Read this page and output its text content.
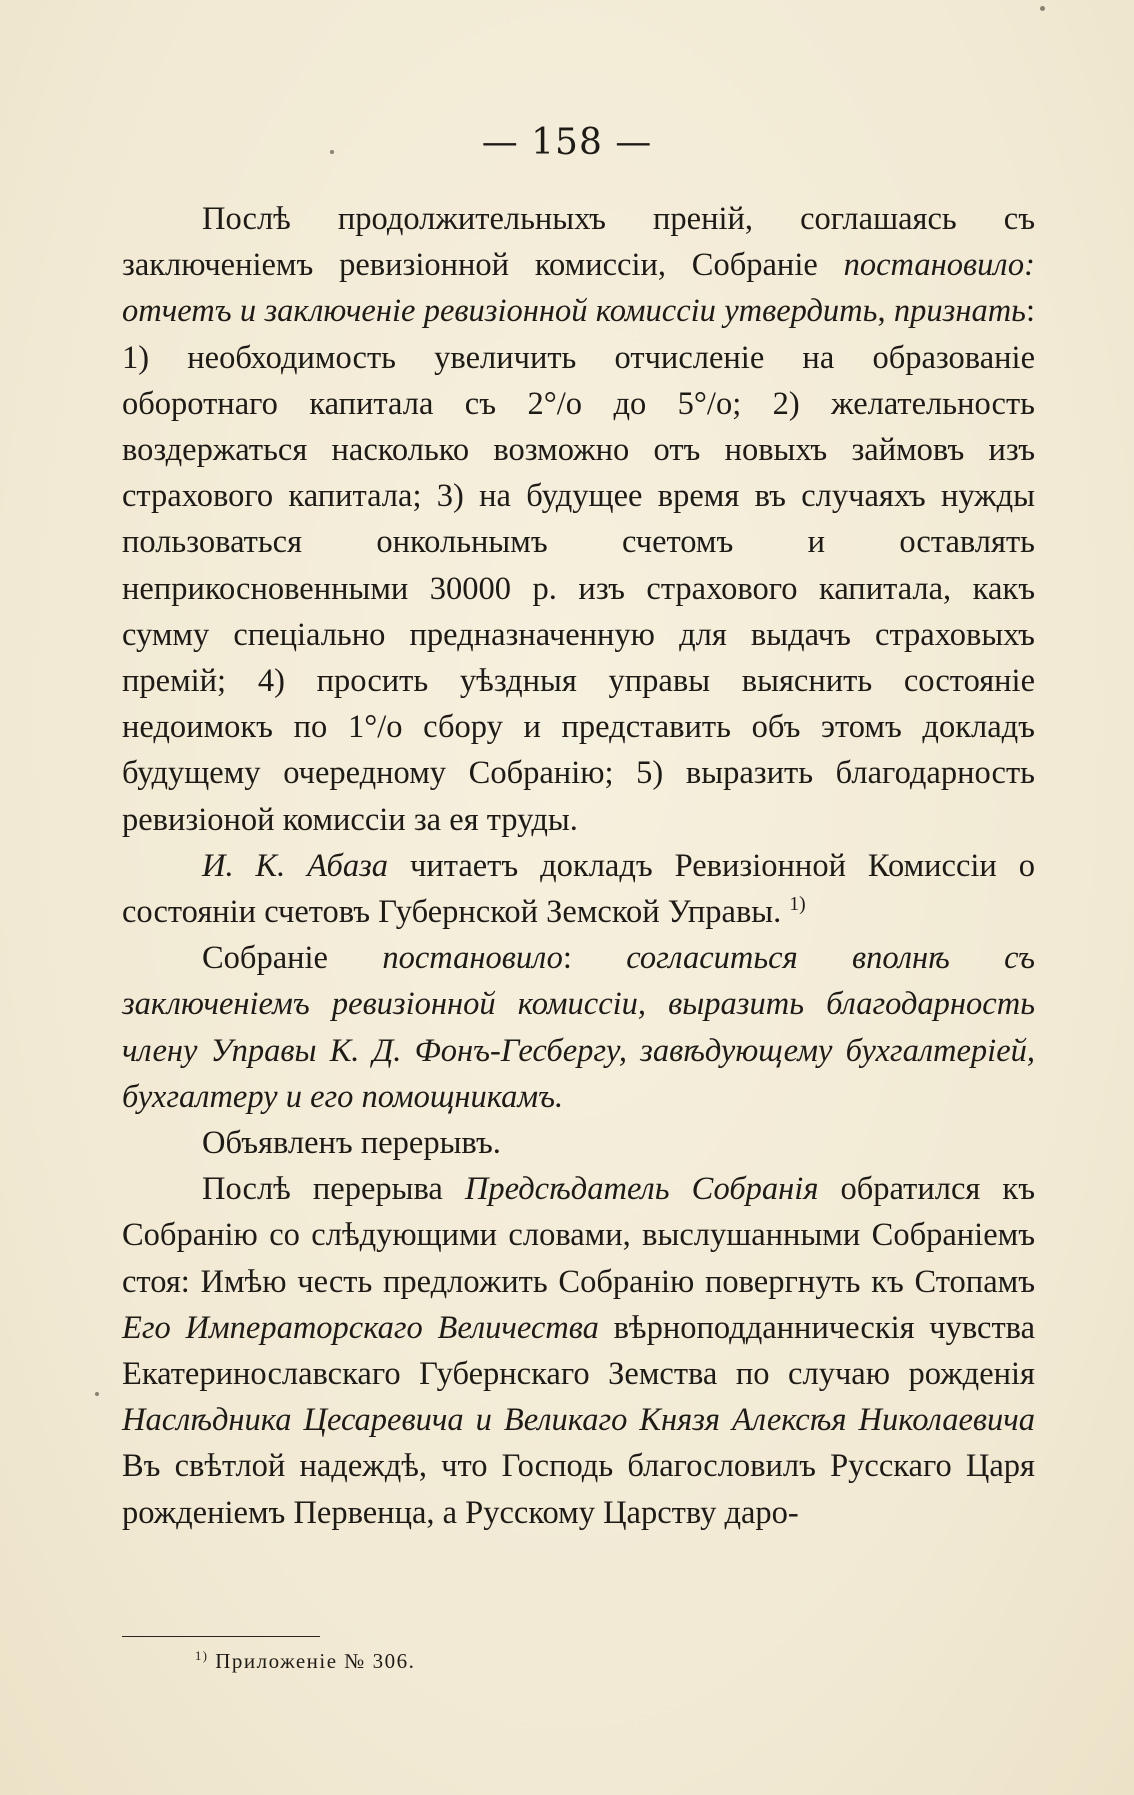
— 158 —

Послѣ продолжительныхъ преній, соглашаясь съ заключеніемъ ревизіонной комиссіи, Собраніе постановило: отчетъ и заключеніе ревизіонной комиссіи утвердить, признать: 1) необходимость увеличить отчисленіе на образованіе оборотнаго капитала съ 2°/о до 5°/о; 2) желательность воздержаться насколько возможно отъ новыхъ займовъ изъ страхового капитала; 3) на будущее время въ случаяхъ нужды пользоваться онкольнымъ счетомъ и оставлять неприкосновенными 30000 р. изъ страхового капитала, какъ сумму спеціально предназначенную для выдачъ страховыхъ премій; 4) просить уѣздныя управы выяснить состояніе недоимокъ по 1°/о сбору и представить объ этомъ докладъ будущему очередному Собранію; 5) выразить благодарность ревизіоной комиссіи за ея труды.

И. К. Абаза читаетъ докладъ Ревизіонной Комиссіи о состояніи счетовъ Губернской Земской Управы. $^{1)}$

Собраніе постановило: согласиться вполнѣ съ заключеніемъ ревизіонной комиссіи, выразить благодарность члену Управы К. Д. Фонъ-Гесбергу, завѣдующему бухгалтеріей, бухгалтеру и его помощникамъ.

Объявленъ перерывъ.

Послѣ перерыва Предсѣдатель Собранія обратился къ Собранію со слѣдующими словами, выслушанными Собраніемъ стоя: Имѣю честь предложить Собранію повергнуть къ Стопамъ Его Императорскаго Величества вѣрноподданническія чувства Екатеринославскаго Губернскаго Земства по случаю рожденія Наслѣдника Цесаревича и Великаго Князя Алексѣя Николаевича Въ свѣтлой надеждѣ, что Господь благословилъ Русскаго Царя рожденіемъ Первенца, а Русскому Царству даро-

$^{1)}$ Приложеніе № 306.
